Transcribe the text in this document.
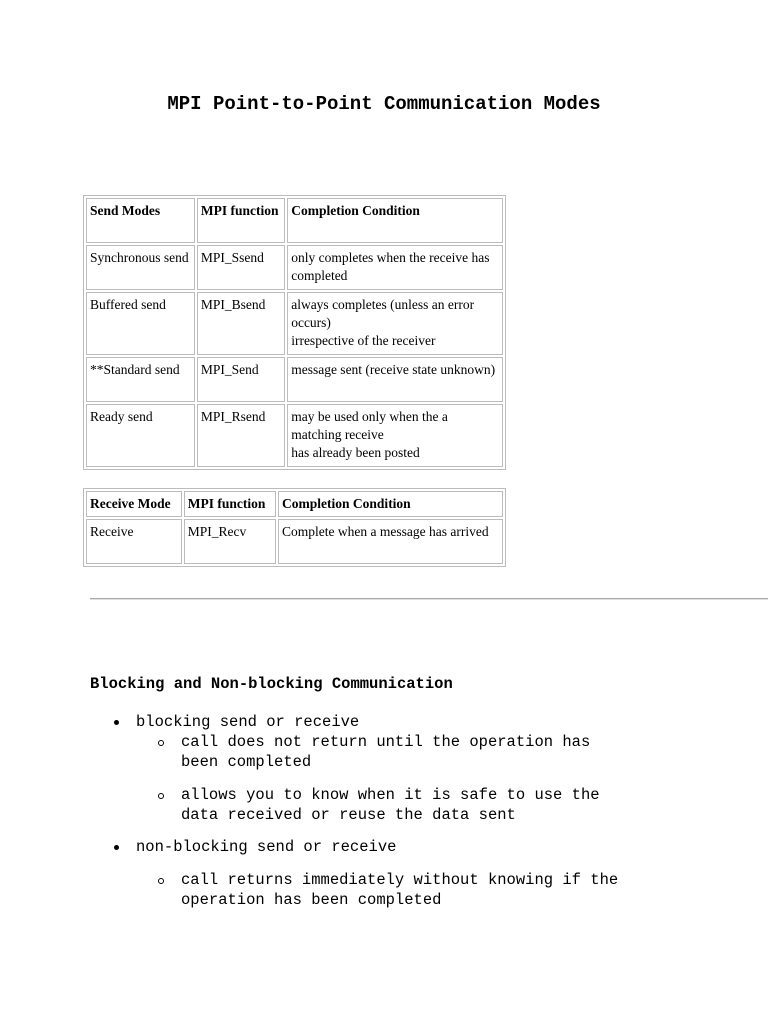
MPI Point-to-Point Communication Modes
Send Modes	MPI function	Completion Condition
Synchronous send	MPI_Ssend	only completes when the receive has completed
Buffered send	MPI_Bsend	always completes (unless an error occurs)
irrespective of the receiver
**Standard send	MPI_Send	message sent (receive state unknown)
Ready send	MPI_Rsend	may be used only when the a matching receive
has already been posted
Receive Mode	MPI function	Completion Condition
Receive	MPI_Recv	Complete when a message has arrived
Blocking and Non-blocking Communication
blocking send or receive
call does not return until the operation has
been completed
allows you to know when it is safe to use the
data received or reuse the data sent
non-blocking send or receive
call returns immediately without knowing if the
operation has been completed
